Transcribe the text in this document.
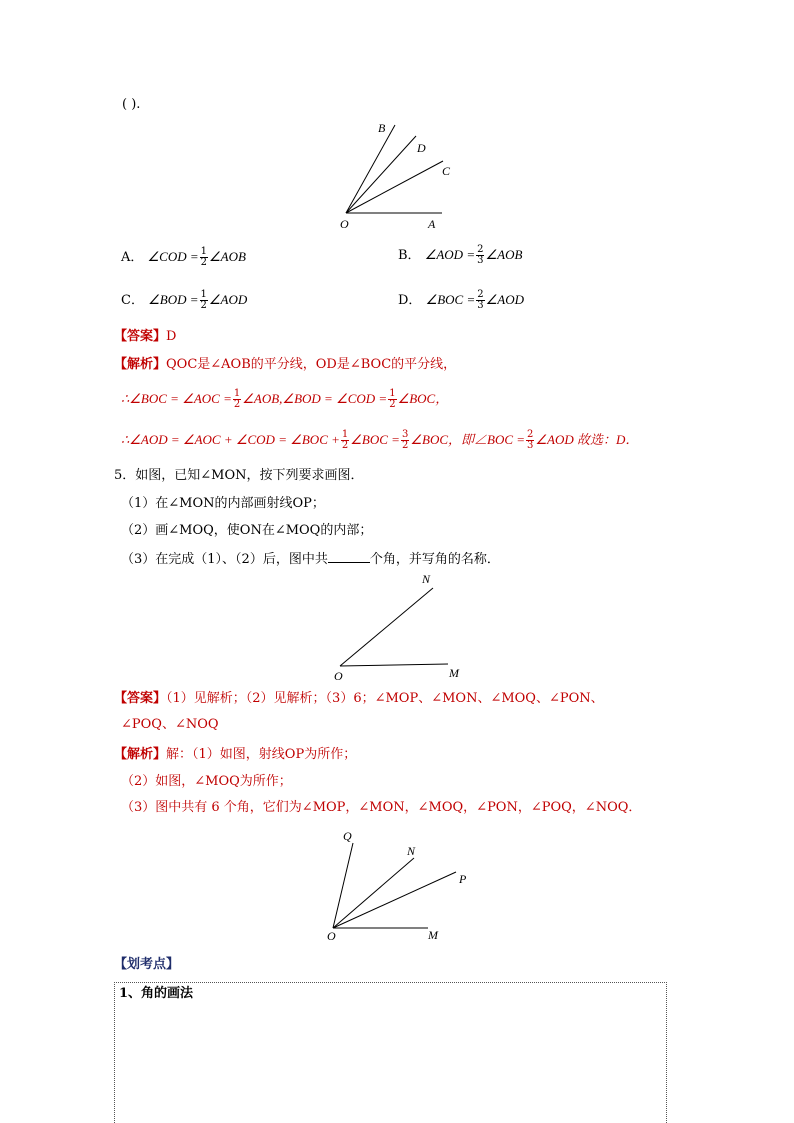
( ).
B
D
C
O	A
A． ∠COD = $\frac{1}{2}$ ∠AOB	B． ∠AOD = $\frac{2}{3}$ ∠AOB
C． ∠BOD = $\frac{1}{2}$ ∠AOD	D． ∠BOC = $\frac{2}{3}$ ∠AOD
【答案】D
【解析】QOC是∠AOB的平分线，OD是∠BOC的平分线，
∴∠BOC = ∠AOC = $\frac{1}{2}$ ∠AOB,∠BOD = ∠COD = $\frac{1}{2}$ ∠BOC，
∴∠AOD = ∠AOC + ∠COD = ∠BOC + $\frac{1}{2}$ ∠BOC = $\frac{3}{2}$ ∠BOC，即∠BOC = $\frac{2}{3}$ ∠AOD 故选：D．
5．如图，已知∠MON，按下列要求画图．
（1）在∠MON的内部画射线OP；
（2）画∠MOQ，使ON在∠MOQ的内部；
（3）在完成（1）、（2）后，图中共	个角，并写角的名称．
N
O	M
【答案】（1）见解析；（2）见解析；（3）6；∠MOP、∠MON、∠MOQ、∠PON、
∠POQ、∠NOQ
【解析】解：（1）如图，射线OP为所作；
（2）如图，∠MOQ为所作；
（3）图中共有 6 个角，它们为∠MOP，∠MON，∠MOQ，∠PON，∠POQ，∠NOQ．
Q
N
P
O	M
【划考点】
1、角的画法
